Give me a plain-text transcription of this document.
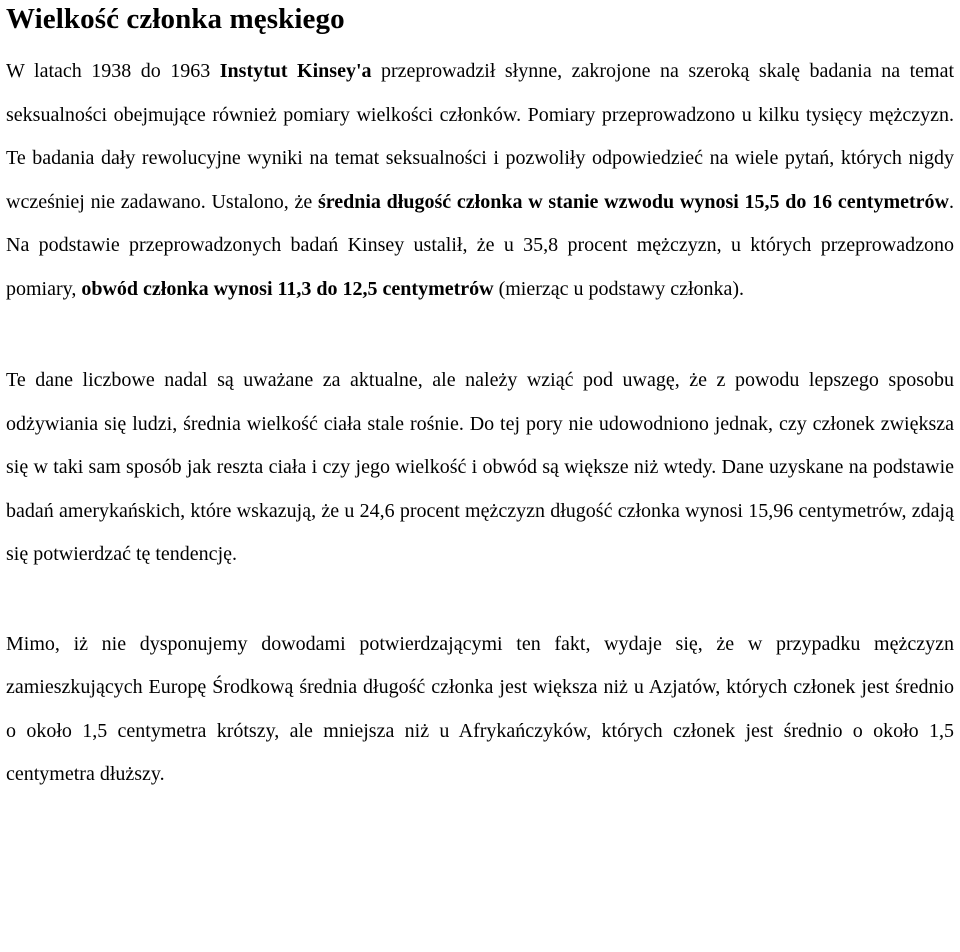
Wielkość członka męskiego

W latach 1938 do 1963 Instytut Kinsey'a przeprowadził słynne, zakrojone na szeroką skalę badania na temat seksualności obejmujące również pomiary wielkości członków. Pomiary przeprowadzono u kilku tysięcy mężczyzn. Te badania dały rewolucyjne wyniki na temat seksualności i pozwoliły odpowiedzieć na wiele pytań, których nigdy wcześniej nie zadawano. Ustalono, że średnia długość członka w stanie wzwodu wynosi 15,5 do 16 centymetrów. Na podstawie przeprowadzonych badań Kinsey ustalił, że u 35,8 procent mężczyzn, u których przeprowadzono pomiary, obwód członka wynosi 11,3 do 12,5 centymetrów (mierząc u podstawy członka).

Te dane liczbowe nadal są uważane za aktualne, ale należy wziąć pod uwagę, że z powodu lepszego sposobu odżywiania się ludzi, średnia wielkość ciała stale rośnie. Do tej pory nie udowodniono jednak, czy członek zwiększa się w taki sam sposób jak reszta ciała i czy jego wielkość i obwód są większe niż wtedy. Dane uzyskane na podstawie badań amerykańskich, które wskazują, że u 24,6 procent mężczyzn długość członka wynosi 15,96 centymetrów, zdają się potwierdzać tę tendencję.

Mimo, iż nie dysponujemy dowodami potwierdzającymi ten fakt, wydaje się, że w przypadku mężczyzn zamieszkujących Europę Środkową średnia długość członka jest większa niż u Azjatów, których członek jest średnio o około 1,5 centymetra krótszy, ale mniejsza niż u Afrykańczyków, których członek jest średnio o około 1,5 centymetra dłuższy.
